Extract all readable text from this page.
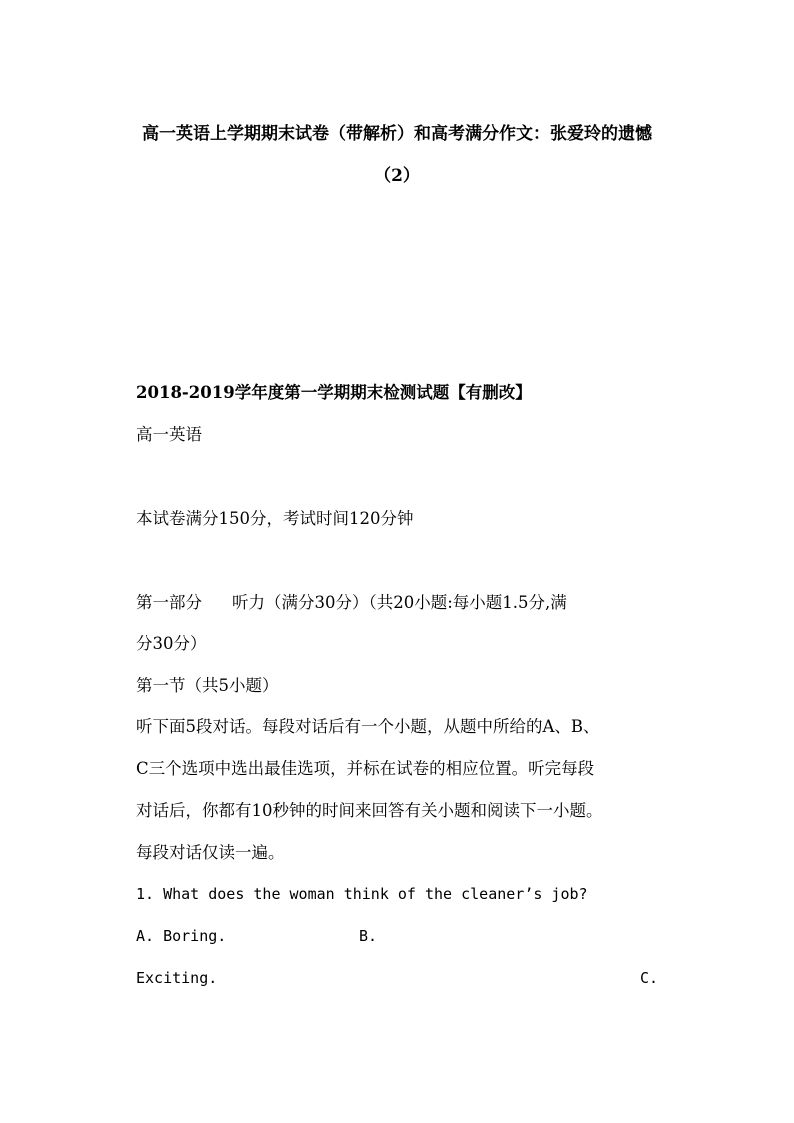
高一英语上学期期末试卷（带解析）和高考满分作文：张爱玲的遗憾
（2）
2018-2019学年度第一学期期末检测试题【有删改】
高一英语
本试卷满分150分，考试时间120分钟
第一部分 听力（满分30分）（共20小题:每小题1.5分,满
分30分）
第一节（共5小题）
听下面5段对话。每段对话后有一个小题，从题中所给的A、B、
C三个选项中选出最佳选项，并标在试卷的相应位置。听完每段
对话后，你都有10秒钟的时间来回答有关小题和阅读下一小题。
每段对话仅读一遍。
1. What does the woman think of the cleaner’s job?
A. Boring.	B.
Exciting.	C.
